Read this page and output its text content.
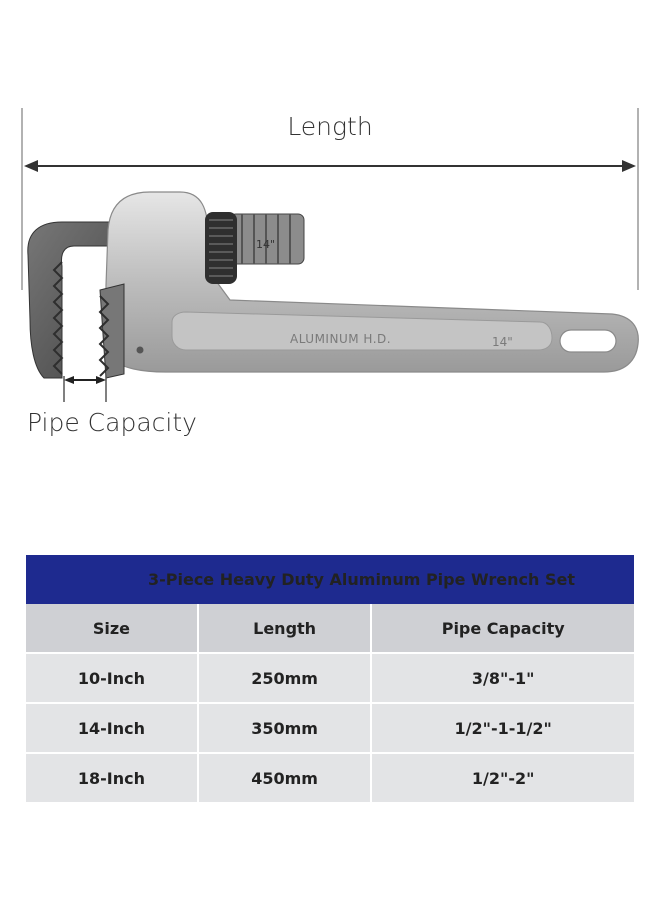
14"
ALUMINUM H.D.	14"
Length
Pipe Capacity
3-Piece Heavy Duty Aluminum Pipe Wrench Set		
Size	Length	Pipe Capacity
10-Inch	250mm	3/8"-1"
14-Inch	350mm	1/2"-1-1/2"
18-Inch	450mm	1/2"-2"
